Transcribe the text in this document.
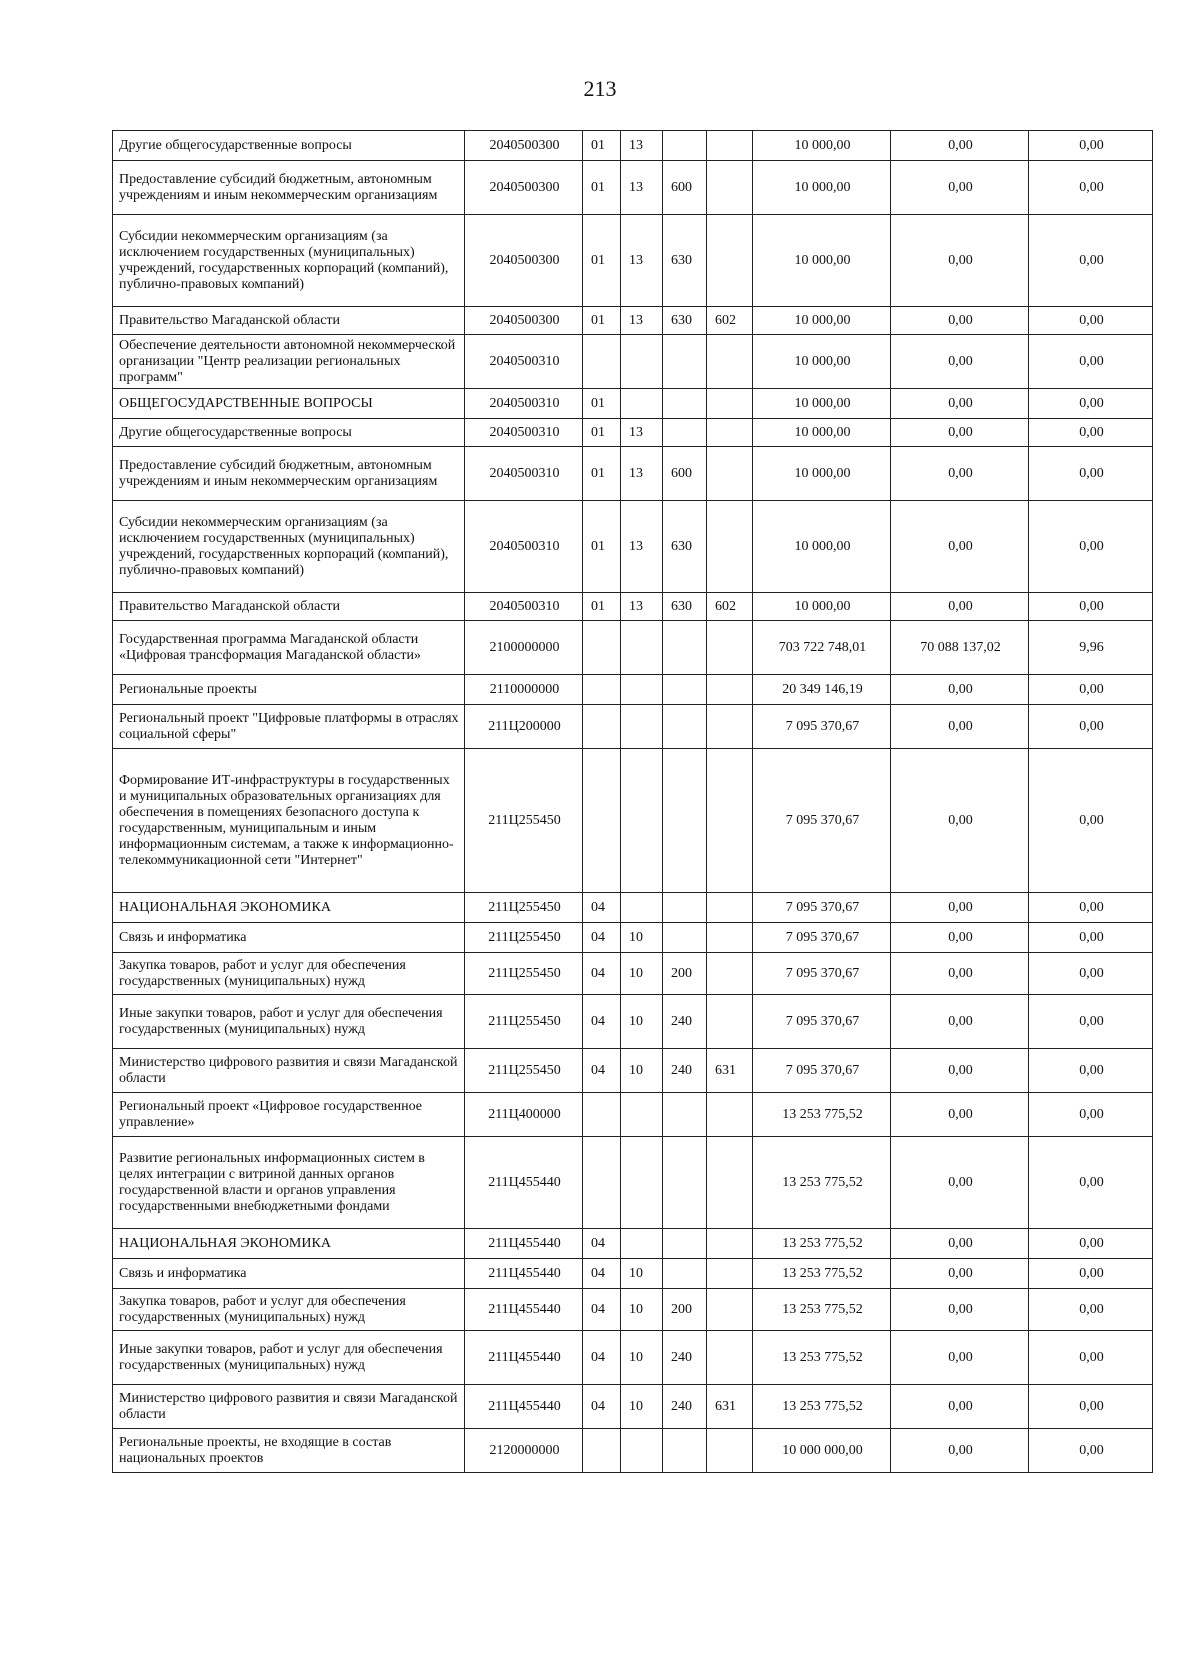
213
Другие общегосударственные вопросы	2040500300	01	13			10 000,00	0,00	0,00
Предоставление субсидий бюджетным, автономным учреждениям и иным некоммерческим организациям	2040500300	01	13	600		10 000,00	0,00	0,00
Субсидии некоммерческим организациям (за исключением государственных (муниципальных) учреждений, государственных корпораций (компаний), публично-правовых компаний)	2040500300	01	13	630		10 000,00	0,00	0,00
Правительство Магаданской области	2040500300	01	13	630	602	10 000,00	0,00	0,00
Обеспечение деятельности автономной некоммерческой организации "Центр реализации региональных программ"	2040500310					10 000,00	0,00	0,00
ОБЩЕГОСУДАРСТВЕННЫЕ ВОПРОСЫ	2040500310	01				10 000,00	0,00	0,00
Другие общегосударственные вопросы	2040500310	01	13			10 000,00	0,00	0,00
Предоставление субсидий бюджетным, автономным учреждениям и иным некоммерческим организациям	2040500310	01	13	600		10 000,00	0,00	0,00
Субсидии некоммерческим организациям (за исключением государственных (муниципальных) учреждений, государственных корпораций (компаний), публично-правовых компаний)	2040500310	01	13	630		10 000,00	0,00	0,00
Правительство Магаданской области	2040500310	01	13	630	602	10 000,00	0,00	0,00
Государственная программа Магаданской области «Цифровая трансформация Магаданской области»	2100000000					703 722 748,01	70 088 137,02	9,96
Региональные проекты	2110000000					20 349 146,19	0,00	0,00
Региональный проект "Цифровые платформы в отраслях социальной сферы"	211Ц200000					7 095 370,67	0,00	0,00
Формирование ИТ-инфраструктуры в государственных и муниципальных образовательных организациях для обеспечения в помещениях безопасного доступа к государственным, муниципальным и иным информационным системам, а также к информационно-телекоммуникационной сети "Интернет"	211Ц255450					7 095 370,67	0,00	0,00
НАЦИОНАЛЬНАЯ ЭКОНОМИКА	211Ц255450	04				7 095 370,67	0,00	0,00
Связь и информатика	211Ц255450	04	10			7 095 370,67	0,00	0,00
Закупка товаров, работ и услуг для обеспечения государственных (муниципальных) нужд	211Ц255450	04	10	200		7 095 370,67	0,00	0,00
Иные закупки товаров, работ и услуг для обеспечения государственных (муниципальных) нужд	211Ц255450	04	10	240		7 095 370,67	0,00	0,00
Министерство цифрового развития и связи Магаданской области	211Ц255450	04	10	240	631	7 095 370,67	0,00	0,00
Региональный проект «Цифровое государственное управление»	211Ц400000					13 253 775,52	0,00	0,00
Развитие региональных информационных систем в целях интеграции с витриной данных органов государственной власти и органов управления государственными внебюджетными фондами	211Ц455440					13 253 775,52	0,00	0,00
НАЦИОНАЛЬНАЯ ЭКОНОМИКА	211Ц455440	04				13 253 775,52	0,00	0,00
Связь и информатика	211Ц455440	04	10			13 253 775,52	0,00	0,00
Закупка товаров, работ и услуг для обеспечения государственных (муниципальных) нужд	211Ц455440	04	10	200		13 253 775,52	0,00	0,00
Иные закупки товаров, работ и услуг для обеспечения государственных (муниципальных) нужд	211Ц455440	04	10	240		13 253 775,52	0,00	0,00
Министерство цифрового развития и связи Магаданской области	211Ц455440	04	10	240	631	13 253 775,52	0,00	0,00
Региональные проекты, не входящие в состав национальных проектов	2120000000					10 000 000,00	0,00	0,00
